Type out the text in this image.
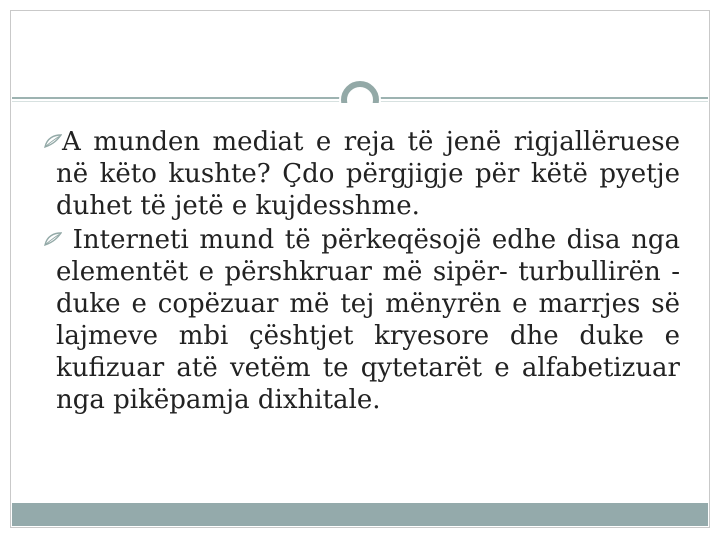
A munden mediat e reja të jenë rigjallëruese në këto kushte? Çdo përgjigje për këtë pyetje duhet të jetë e kujdesshme.
Interneti mund të përkeqësojë edhe disa nga elementët e përshkruar më sipër- turbullirën - duke e copëzuar më tej mënyrën e marrjes së lajmeve mbi çështjet kryesore dhe duke e kufizuar atë vetëm te qytetarët e alfabetizuar nga pikëpamja dixhitale.
